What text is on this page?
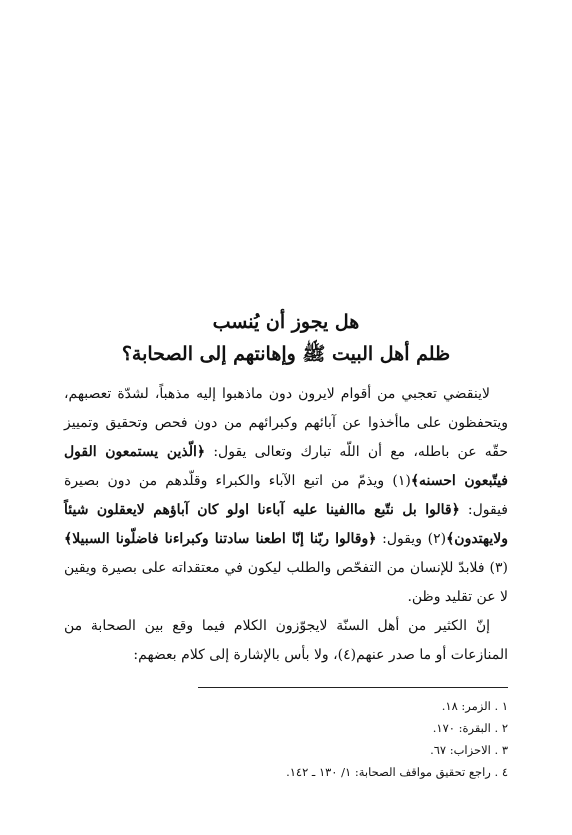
هل يجوز أن يُنسب
ظلم أهل البيت ﷺ وإهانتهم إلى الصحابة؟

لاينقضي تعجبي من أقوام لايرون دون ماذهبوا إليه مذهباً، لشدّة تعصبهم، ويتحفظون على ماأخذوا عن آبائهم وكبرائهم من دون فحص وتحقيق وتمييز حقّه عن باطله، مع أن اللّه تبارك وتعالى يقول: ﴿الّذين يستمعون القول فيتّبعون احسنه﴾(١) ويذمّ من اتبع الآباء والكبراء وقلّدهم من دون بصيرة فيقول: ﴿قالوا بل نتّبع ماالفينا عليه آباءنا اولو كان آباؤهم لايعقلون شيئاً ولايهتدون﴾(٢) ويقول: ﴿وقالوا ربّنا إنّا اطعنا سادتنا وكبراءنا فاضلّونا السبيلا﴾(٣) فلابدّ للإنسان من التفحّص والطلب ليكون في معتقداته على بصيرة ويقين لا عن تقليد وظن.

إنّ الكثير من أهل السنّة لايجوّزون الكلام فيما وقع بين الصحابة من المنازعات أو ما صدر عنهم(٤)، ولا بأس بالإشارة إلى كلام بعضهم:

١ . الزمر: ١٨.
٢ . البقرة: ١٧٠.
٣ . الاحزاب: ٦٧.
٤ . راجع تحقيق مواقف الصحابة: ١/ ١٣٠ ـ ١٤٢.
